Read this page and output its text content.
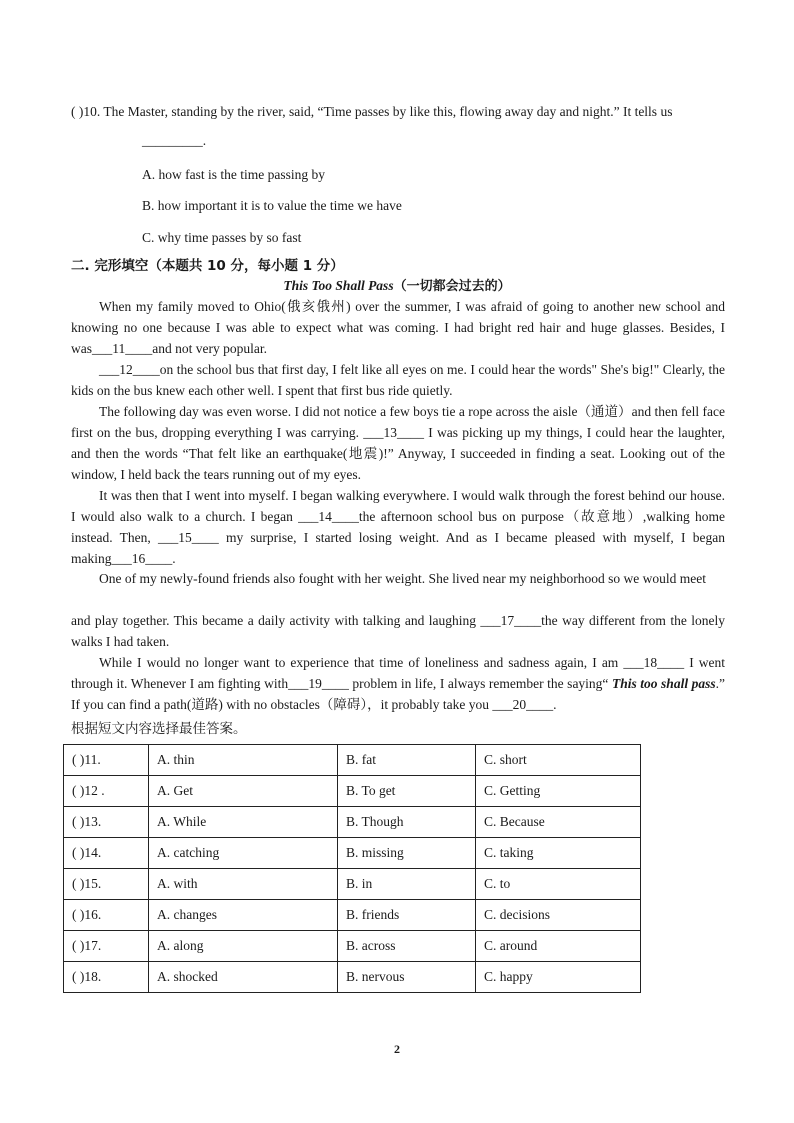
( )10. The Master, standing by the river, said, “Time passes by like this, flowing away day and night.” It tells us
_________.
A. how fast is the time passing by
B. how important it is to value the time we have
C. why time passes by so fast
二. 完形填空（本题共 10 分，每小题 1 分）
This Too Shall Pass（一切都会过去的）
When my family moved to Ohio(俄亥俄州) over the summer, I was afraid of going to another new school and knowing no one because I was able to expect what was coming. I had bright red hair and huge glasses. Besides, I was___11____and not very popular.
___12____on the school bus that first day, I felt like all eyes on me. I could hear the words" She's big!" Clearly, the kids on the bus knew each other well. I spent that first bus ride quietly.
The following day was even worse. I did not notice a few boys tie a rope across the aisle（通道）and then fell face first on the bus, dropping everything I was carrying. ___13____ I was picking up my things, I could hear the laughter, and then the words “That felt like an earthquake(地震)!” Anyway, I succeeded in finding a seat. Looking out of the window, I held back the tears running out of my eyes.
It was then that I went into myself. I began walking everywhere. I would walk through the forest behind our house. I would also walk to a church. I began ___14____the afternoon school bus on purpose（故意地）,walking home instead. Then, ___15____ my surprise, I started losing weight. And as I became pleased with myself, I began making___16____.
One of my newly-found friends also fought with her weight. She lived near my neighborhood so we would meet
and play together. This became a daily activity with talking and laughing ___17____the way different from the lonely walks I had taken.
While I would no longer want to experience that time of loneliness and sadness again, I am ___18____ I went through it. Whenever I am fighting with___19____ problem in life, I always remember the saying“ This too shall pass.” If you can find a path(道路) with no obstacles（障碍），it probably take you ___20____.
根据短文内容选择最佳答案。
( )11.	A. thin	B. fat	C. short
( )12 .	A. Get	B. To get	C. Getting
( )13.	A. While	B. Though	C. Because
( )14.	A. catching	B. missing	C. taking
( )15.	A. with	B. in	C. to
( )16.	A. changes	B. friends	C. decisions
( )17.	A. along	B. across	C. around
( )18.	A. shocked	B. nervous	C. happy
2
